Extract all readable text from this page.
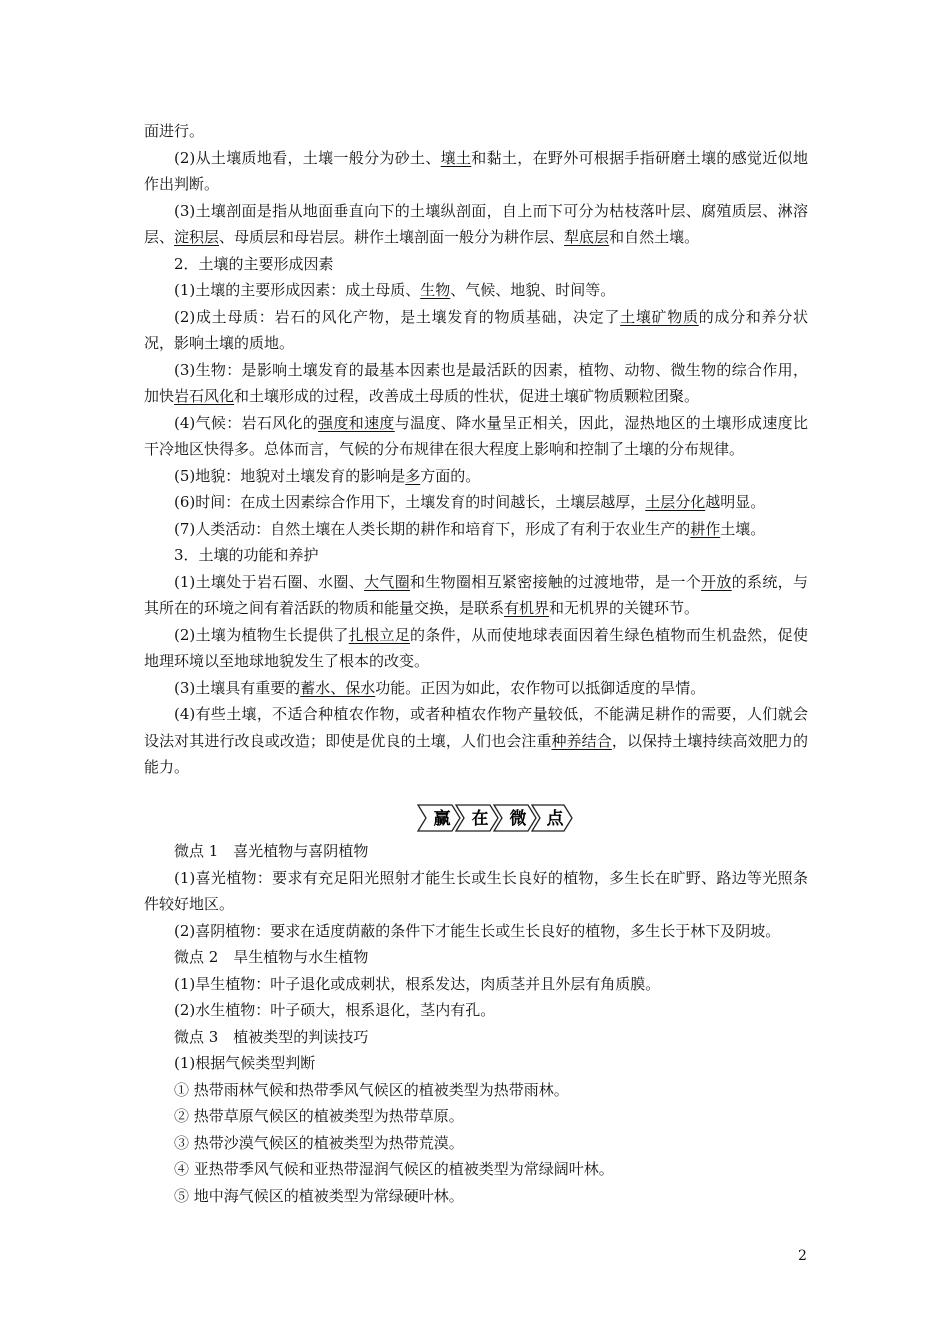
面进行。

(2)从土壤质地看，土壤一般分为砂土、壤土和黏土，在野外可根据手指研磨土壤的感觉近似地作出判断。

(3)土壤剖面是指从地面垂直向下的土壤纵剖面，自上而下可分为枯枝落叶层、腐殖质层、淋溶层、淀积层、母质层和母岩层。耕作土壤剖面一般分为耕作层、犁底层和自然土壤。

2．土壤的主要形成因素

(1)土壤的主要形成因素：成土母质、生物、气候、地貌、时间等。

(2)成土母质：岩石的风化产物，是土壤发育的物质基础，决定了土壤矿物质的成分和养分状况，影响土壤的质地。

(3)生物：是影响土壤发育的最基本因素也是最活跃的因素，植物、动物、微生物的综合作用，加快岩石风化和土壤形成的过程，改善成土母质的性状，促进土壤矿物质颗粒团聚。

(4)气候：岩石风化的强度和速度与温度、降水量呈正相关，因此，湿热地区的土壤形成速度比干冷地区快得多。总体而言，气候的分布规律在很大程度上影响和控制了土壤的分布规律。

(5)地貌：地貌对土壤发育的影响是多方面的。

(6)时间：在成土因素综合作用下，土壤发育的时间越长，土壤层越厚，土层分化越明显。

(7)人类活动：自然土壤在人类长期的耕作和培育下，形成了有利于农业生产的耕作土壤。

3．土壤的功能和养护

(1)土壤处于岩石圈、水圈、大气圈和生物圈相互紧密接触的过渡地带，是一个开放的系统，与其所在的环境之间有着活跃的物质和能量交换，是联系有机界和无机界的关键环节。

(2)土壤为植物生长提供了扎根立足的条件，从而使地球表面因着生绿色植物而生机盎然，促使地理环境以至地球地貌发生了根本的改变。

(3)土壤具有重要的蓄水、保水功能。正因为如此，农作物可以抵御适度的旱情。

(4)有些土壤，不适合种植农作物，或者种植农作物产量较低，不能满足耕作的需要，人们就会设法对其进行改良或改造；即使是优良的土壤，人们也会注重种养结合，以保持土壤持续高效肥力的能力。

赢 在 微 点

微点 1　喜光植物与喜阴植物

(1)喜光植物：要求有充足阳光照射才能生长或生长良好的植物，多生长在旷野、路边等光照条件较好地区。

(2)喜阴植物：要求在适度荫蔽的条件下才能生长或生长良好的植物，多生长于林下及阴坡。

微点 2　旱生植物与水生植物

(1)旱生植物：叶子退化或成刺状，根系发达，肉质茎并且外层有角质膜。

(2)水生植物：叶子硕大，根系退化，茎内有孔。

微点 3　植被类型的判读技巧

(1)根据气候类型判断

① 热带雨林气候和热带季风气候区的植被类型为热带雨林。

② 热带草原气候区的植被类型为热带草原。

③ 热带沙漠气候区的植被类型为热带荒漠。

④ 亚热带季风气候和亚热带湿润气候区的植被类型为常绿阔叶林。

⑤ 地中海气候区的植被类型为常绿硬叶林。

2
